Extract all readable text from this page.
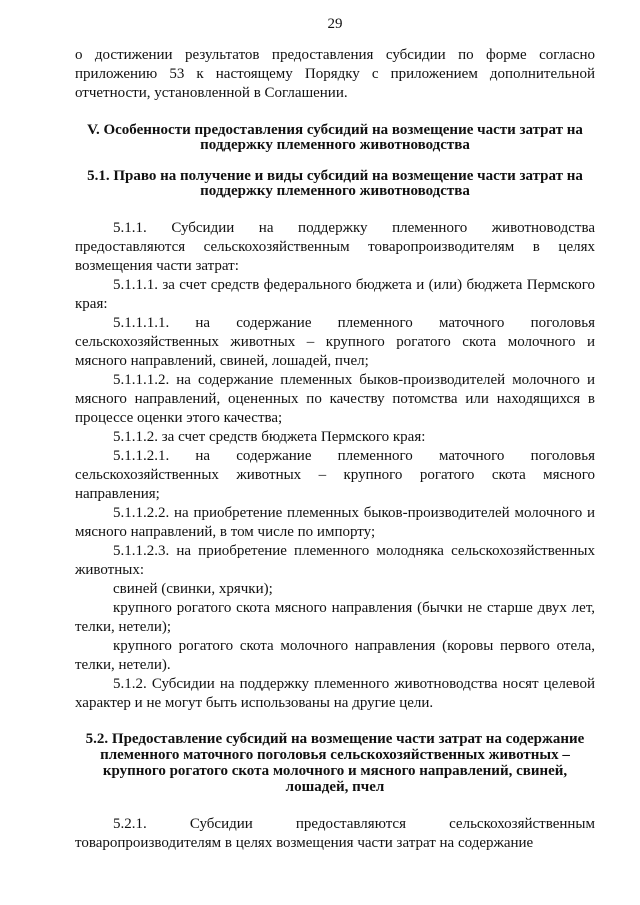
29

о достижении результатов предоставления субсидии по форме согласно приложению 53 к настоящему Порядку с приложением дополнительной отчетности, установленной в Соглашении.

V. Особенности предоставления субсидий на возмещение части затрат на поддержку племенного животноводства
5.1. Право на получение и виды субсидий на возмещение части затрат на поддержку племенного животноводства

5.1.1. Субсидии на поддержку племенного животноводства предоставляются сельскохозяйственным товаропроизводителям в целях возмещения части затрат:

5.1.1.1. за счет средств федерального бюджета и (или) бюджета Пермского края:

5.1.1.1.1. на содержание племенного маточного поголовья сельскохозяйственных животных – крупного рогатого скота молочного и мясного направлений, свиней, лошадей, пчел;

5.1.1.1.2. на содержание племенных быков-производителей молочного и мясного направлений, оцененных по качеству потомства или находящихся в процессе оценки этого качества;

5.1.1.2. за счет средств бюджета Пермского края:

5.1.1.2.1. на содержание племенного маточного поголовья сельскохозяйственных животных – крупного рогатого скота мясного направления;

5.1.1.2.2. на приобретение племенных быков-производителей молочного и мясного направлений, в том числе по импорту;

5.1.1.2.3. на приобретение племенного молодняка сельскохозяйственных животных:

свиней (свинки, хрячки);

крупного рогатого скота мясного направления (бычки не старше двух лет, телки, нетели);

крупного рогатого скота молочного направления (коровы первого отела, телки, нетели).

5.1.2. Субсидии на поддержку племенного животноводства носят целевой характер и не могут быть использованы на другие цели.

5.2. Предоставление субсидий на возмещение части затрат на содержание племенного маточного поголовья сельскохозяйственных животных – крупного рогатого скота молочного и мясного направлений, свиней, лошадей, пчел

5.2.1. Субсидии предоставляются сельскохозяйственным товаропроизводителям в целях возмещения части затрат на содержание
